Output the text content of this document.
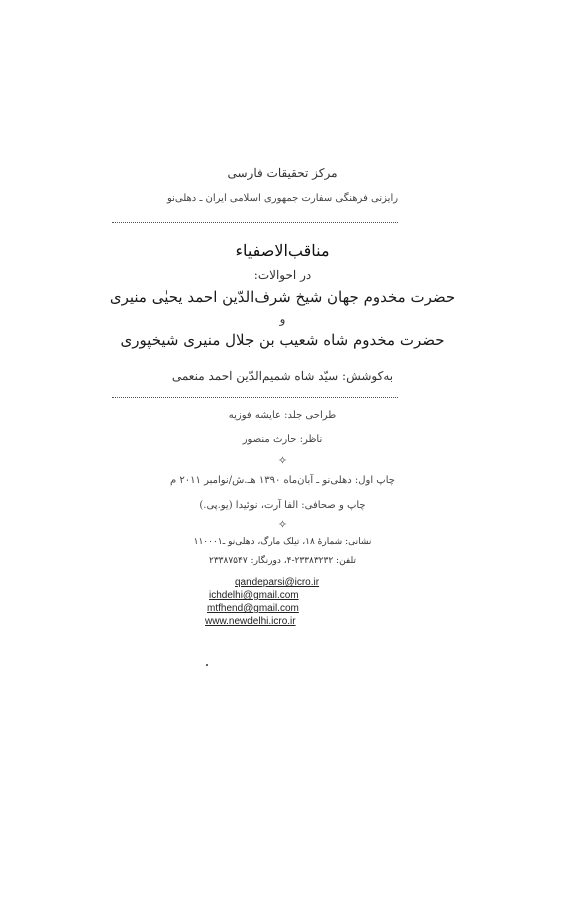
مرکز تحقیقات فارسی
رایزنی فرهنگی سفارت جمهوری اسلامی ایران ـ دهلی‌نو
مناقب‌الاصفیاء
در احوالات:
حضرت مخدوم جهان شیخ شرف‌الدّین احمد یحیٰی منیری
و
حضرت مخدوم شاه شعیب بن جلال منیری شیخپوری
به‌کوشش: سیّد شاه شمیم‌الدّین احمد منعمی
طراحی جلد: عایشه فوزیه
ناظر: حارث منصور
✧
چاپ اول: دهلی‌نو ـ آبان‌ماه ۱۳۹۰ هـ.ش/نوامبر ۲۰۱۱ م
چاپ و صحافی: الفا آرت، نوئیدا (یو.پی.)
✧
نشانی: شمارهٔ ۱۸، تیلک مارگ، دهلی‌نو ـ۱۱۰۰۰۱
تلفن: ۲۳۳۸۳۲۳۲-۴، دورنگار: ۲۳۳۸۷۵۴۷
qandeparsi@icro.ir
ichdelhi@gmail.com
mtfhend@gmail.com
www.newdelhi.icro.ir
